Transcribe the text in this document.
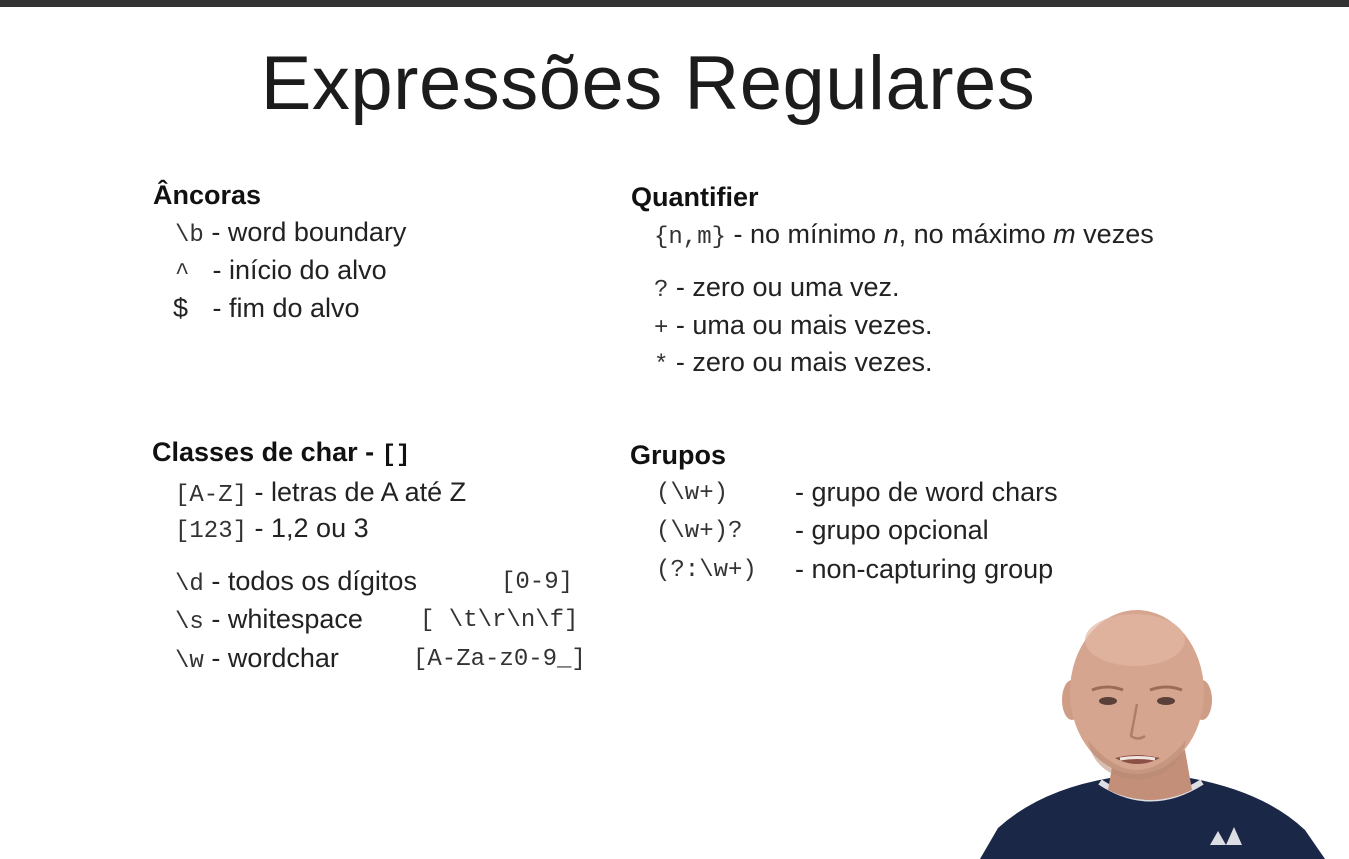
Expressões Regulares
Âncoras
\b - word boundary
^ - início do alvo
$ - fim do alvo
Quantifier
{n,m} - no mínimo n, no máximo m vezes
? - zero ou uma vez.
+ - uma ou mais vezes.
* - zero ou mais vezes.
Classes de char - []
[A-Z] - letras de A até Z
[123] - 1,2 ou 3
\d - todos os dígitos	[0-9]
\s - whitespace [ \t\r\n\f]
\w - wordchar	[A-Za-z0-9_]
Grupos
(\w+) - grupo de word chars
(\w+)? - grupo opcional
(?:\w+) - non-capturing group
